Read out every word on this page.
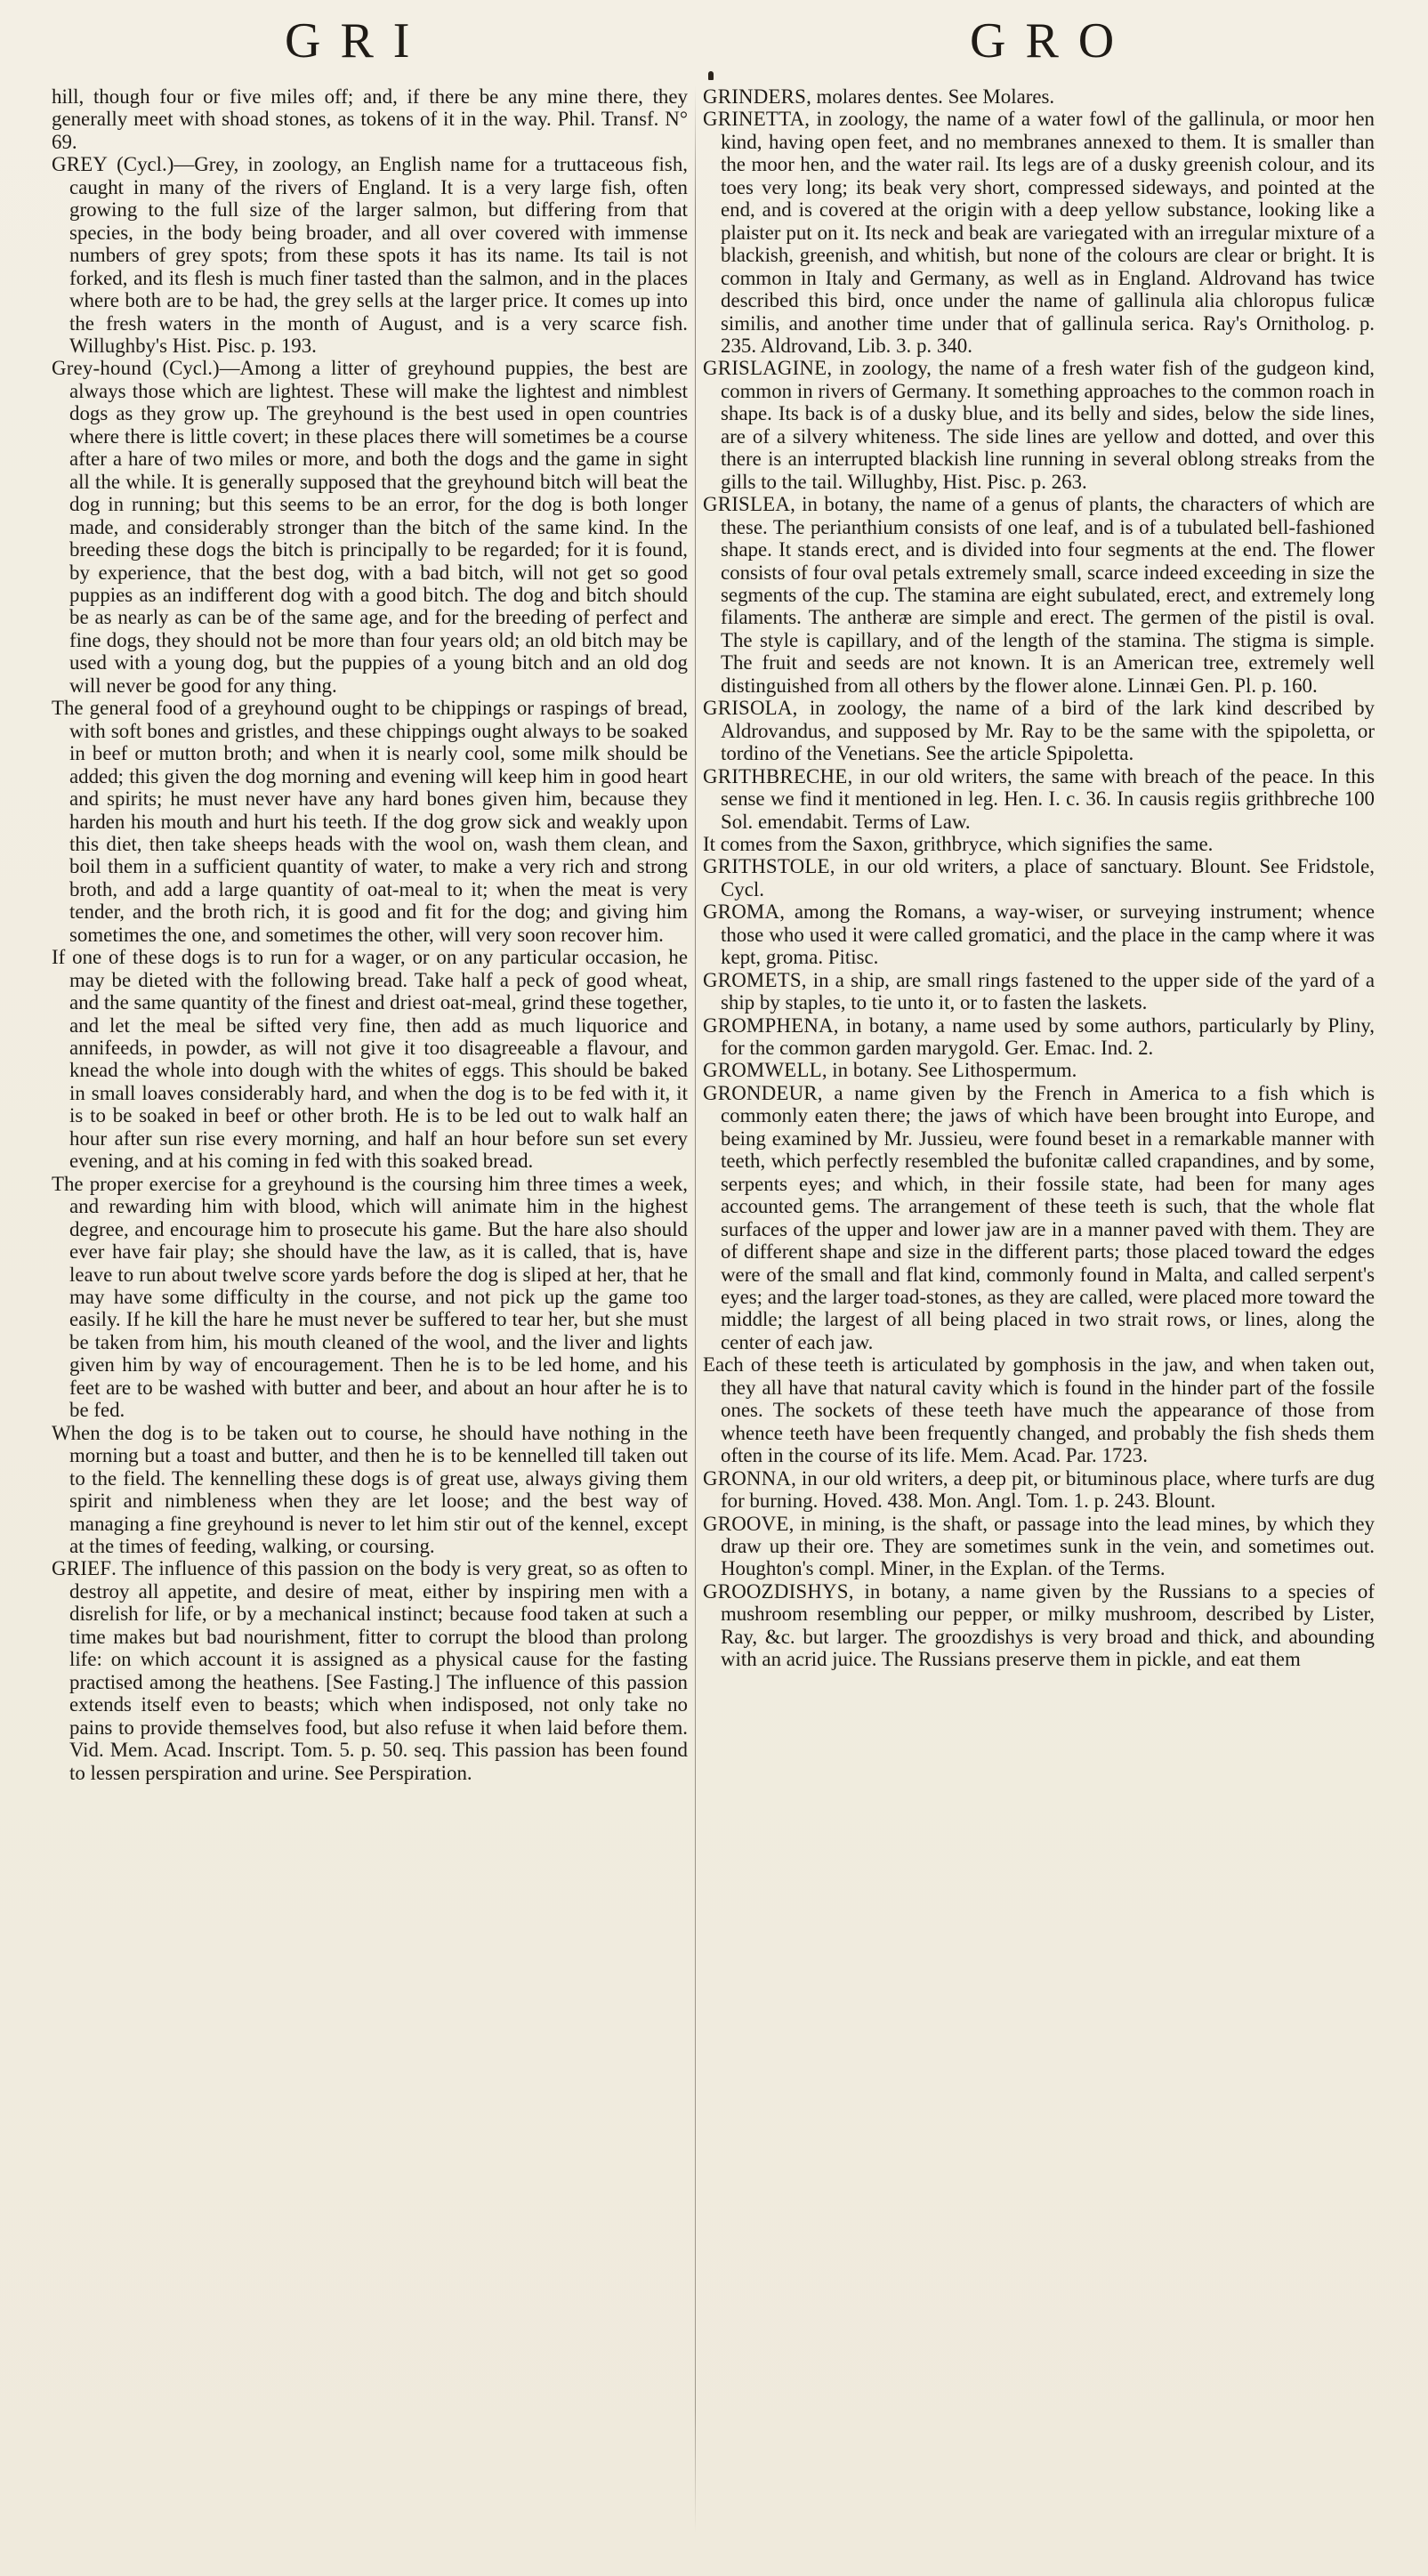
GRI	GRO

hill, though four or five miles off; and, if there be any mine there, they generally meet with shoad stones, as tokens of it in the way. Phil. Transf. N° 69.

GREY (Cycl.)—Grey, in zoology, an English name for a truttaceous fish, caught in many of the rivers of England. It is a very large fish, often growing to the full size of the larger salmon, but differing from that species, in the body being broader, and all over covered with immense numbers of grey spots; from these spots it has its name. Its tail is not forked, and its flesh is much finer tasted than the salmon, and in the places where both are to be had, the grey sells at the larger price. It comes up into the fresh waters in the month of August, and is a very scarce fish. Willughby's Hist. Pisc. p. 193.

Grey-hound (Cycl.)—Among a litter of greyhound puppies, the best are always those which are lightest. These will make the lightest and nimblest dogs as they grow up. The greyhound is the best used in open countries where there is little covert; in these places there will sometimes be a course after a hare of two miles or more, and both the dogs and the game in sight all the while. It is generally supposed that the greyhound bitch will beat the dog in running; but this seems to be an error, for the dog is both longer made, and considerably stronger than the bitch of the same kind. In the breeding these dogs the bitch is principally to be regarded; for it is found, by experience, that the best dog, with a bad bitch, will not get so good puppies as an indifferent dog with a good bitch. The dog and bitch should be as nearly as can be of the same age, and for the breeding of perfect and fine dogs, they should not be more than four years old; an old bitch may be used with a young dog, but the puppies of a young bitch and an old dog will never be good for any thing.

The general food of a greyhound ought to be chippings or raspings of bread, with soft bones and gristles, and these chippings ought always to be soaked in beef or mutton broth; and when it is nearly cool, some milk should be added; this given the dog morning and evening will keep him in good heart and spirits; he must never have any hard bones given him, because they harden his mouth and hurt his teeth. If the dog grow sick and weakly upon this diet, then take sheeps heads with the wool on, wash them clean, and boil them in a sufficient quantity of water, to make a very rich and strong broth, and add a large quantity of oat-meal to it; when the meat is very tender, and the broth rich, it is good and fit for the dog; and giving him sometimes the one, and sometimes the other, will very soon recover him.

If one of these dogs is to run for a wager, or on any particular occasion, he may be dieted with the following bread. Take half a peck of good wheat, and the same quantity of the finest and driest oat-meal, grind these together, and let the meal be sifted very fine, then add as much liquorice and annifeeds, in powder, as will not give it too disagreeable a flavour, and knead the whole into dough with the whites of eggs. This should be baked in small loaves considerably hard, and when the dog is to be fed with it, it is to be soaked in beef or other broth. He is to be led out to walk half an hour after sun rise every morning, and half an hour before sun set every evening, and at his coming in fed with this soaked bread.

The proper exercise for a greyhound is the coursing him three times a week, and rewarding him with blood, which will animate him in the highest degree, and encourage him to prosecute his game. But the hare also should ever have fair play; she should have the law, as it is called, that is, have leave to run about twelve score yards before the dog is sliped at her, that he may have some difficulty in the course, and not pick up the game too easily. If he kill the hare he must never be suffered to tear her, but she must be taken from him, his mouth cleaned of the wool, and the liver and lights given him by way of encouragement. Then he is to be led home, and his feet are to be washed with butter and beer, and about an hour after he is to be fed.

When the dog is to be taken out to course, he should have nothing in the morning but a toast and butter, and then he is to be kennelled till taken out to the field. The kennelling these dogs is of great use, always giving them spirit and nimbleness when they are let loose; and the best way of managing a fine greyhound is never to let him stir out of the kennel, except at the times of feeding, walking, or coursing.

GRIEF. The influence of this passion on the body is very great, so as often to destroy all appetite, and desire of meat, either by inspiring men with a disrelish for life, or by a mechanical instinct; because food taken at such a time makes but bad nourishment, fitter to corrupt the blood than prolong life: on which account it is assigned as a physical cause for the fasting practised among the heathens. [See Fasting.] The influence of this passion extends itself even to beasts; which when indisposed, not only take no pains to provide themselves food, but also refuse it when laid before them. Vid. Mem. Acad. Inscript. Tom. 5. p. 50. seq. This passion has been found to lessen perspiration and urine. See Perspiration.

GRINDERS, molares dentes. See Molares.

GRINETTA, in zoology, the name of a water fowl of the gallinula, or moor hen kind, having open feet, and no membranes annexed to them. It is smaller than the moor hen, and the water rail. Its legs are of a dusky greenish colour, and its toes very long; its beak very short, compressed sideways, and pointed at the end, and is covered at the origin with a deep yellow substance, looking like a plaister put on it. Its neck and beak are variegated with an irregular mixture of a blackish, greenish, and whitish, but none of the colours are clear or bright. It is common in Italy and Germany, as well as in England. Aldrovand has twice described this bird, once under the name of gallinula alia chloropus fulicæ similis, and another time under that of gallinula serica. Ray's Ornitholog. p. 235. Aldrovand, Lib. 3. p. 340.

GRISLAGINE, in zoology, the name of a fresh water fish of the gudgeon kind, common in rivers of Germany. It something approaches to the common roach in shape. Its back is of a dusky blue, and its belly and sides, below the side lines, are of a silvery whiteness. The side lines are yellow and dotted, and over this there is an interrupted blackish line running in several oblong streaks from the gills to the tail. Willughby, Hist. Pisc. p. 263.

GRISLEA, in botany, the name of a genus of plants, the characters of which are these. The perianthium consists of one leaf, and is of a tubulated bell-fashioned shape. It stands erect, and is divided into four segments at the end. The flower consists of four oval petals extremely small, scarce indeed exceeding in size the segments of the cup. The stamina are eight subulated, erect, and extremely long filaments. The antheræ are simple and erect. The germen of the pistil is oval. The style is capillary, and of the length of the stamina. The stigma is simple. The fruit and seeds are not known. It is an American tree, extremely well distinguished from all others by the flower alone. Linnæi Gen. Pl. p. 160.

GRISOLA, in zoology, the name of a bird of the lark kind described by Aldrovandus, and supposed by Mr. Ray to be the same with the spipoletta, or tordino of the Venetians. See the article Spipoletta.

GRITHBRECHE, in our old writers, the same with breach of the peace. In this sense we find it mentioned in leg. Hen. I. c. 36. In causis regiis grithbreche 100 Sol. emendabit. Terms of Law.

It comes from the Saxon, grithbryce, which signifies the same.

GRITHSTOLE, in our old writers, a place of sanctuary. Blount. See Fridstole, Cycl.

GROMA, among the Romans, a way-wiser, or surveying instrument; whence those who used it were called gromatici, and the place in the camp where it was kept, groma. Pitisc.

GROMETS, in a ship, are small rings fastened to the upper side of the yard of a ship by staples, to tie unto it, or to fasten the laskets.

GROMPHENA, in botany, a name used by some authors, particularly by Pliny, for the common garden marygold. Ger. Emac. Ind. 2.

GROMWELL, in botany. See Lithospermum.

GRONDEUR, a name given by the French in America to a fish which is commonly eaten there; the jaws of which have been brought into Europe, and being examined by Mr. Jussieu, were found beset in a remarkable manner with teeth, which perfectly resembled the bufonitæ called crapandines, and by some, serpents eyes; and which, in their fossile state, had been for many ages accounted gems. The arrangement of these teeth is such, that the whole flat surfaces of the upper and lower jaw are in a manner paved with them. They are of different shape and size in the different parts; those placed toward the edges were of the small and flat kind, commonly found in Malta, and called serpent's eyes; and the larger toad-stones, as they are called, were placed more toward the middle; the largest of all being placed in two strait rows, or lines, along the center of each jaw.

Each of these teeth is articulated by gomphosis in the jaw, and when taken out, they all have that natural cavity which is found in the hinder part of the fossile ones. The sockets of these teeth have much the appearance of those from whence teeth have been frequently changed, and probably the fish sheds them often in the course of its life. Mem. Acad. Par. 1723.

GRONNA, in our old writers, a deep pit, or bituminous place, where turfs are dug for burning. Hoved. 438. Mon. Angl. Tom. 1. p. 243. Blount.

GROOVE, in mining, is the shaft, or passage into the lead mines, by which they draw up their ore. They are sometimes sunk in the vein, and sometimes out. Houghton's compl. Miner, in the Explan. of the Terms.

GROOZDISHYS, in botany, a name given by the Russians to a species of mushroom resembling our pepper, or milky mushroom, described by Lister, Ray, &c. but larger. The groozdishys is very broad and thick, and abounding with an acrid juice. The Russians preserve them in pickle, and eat them
